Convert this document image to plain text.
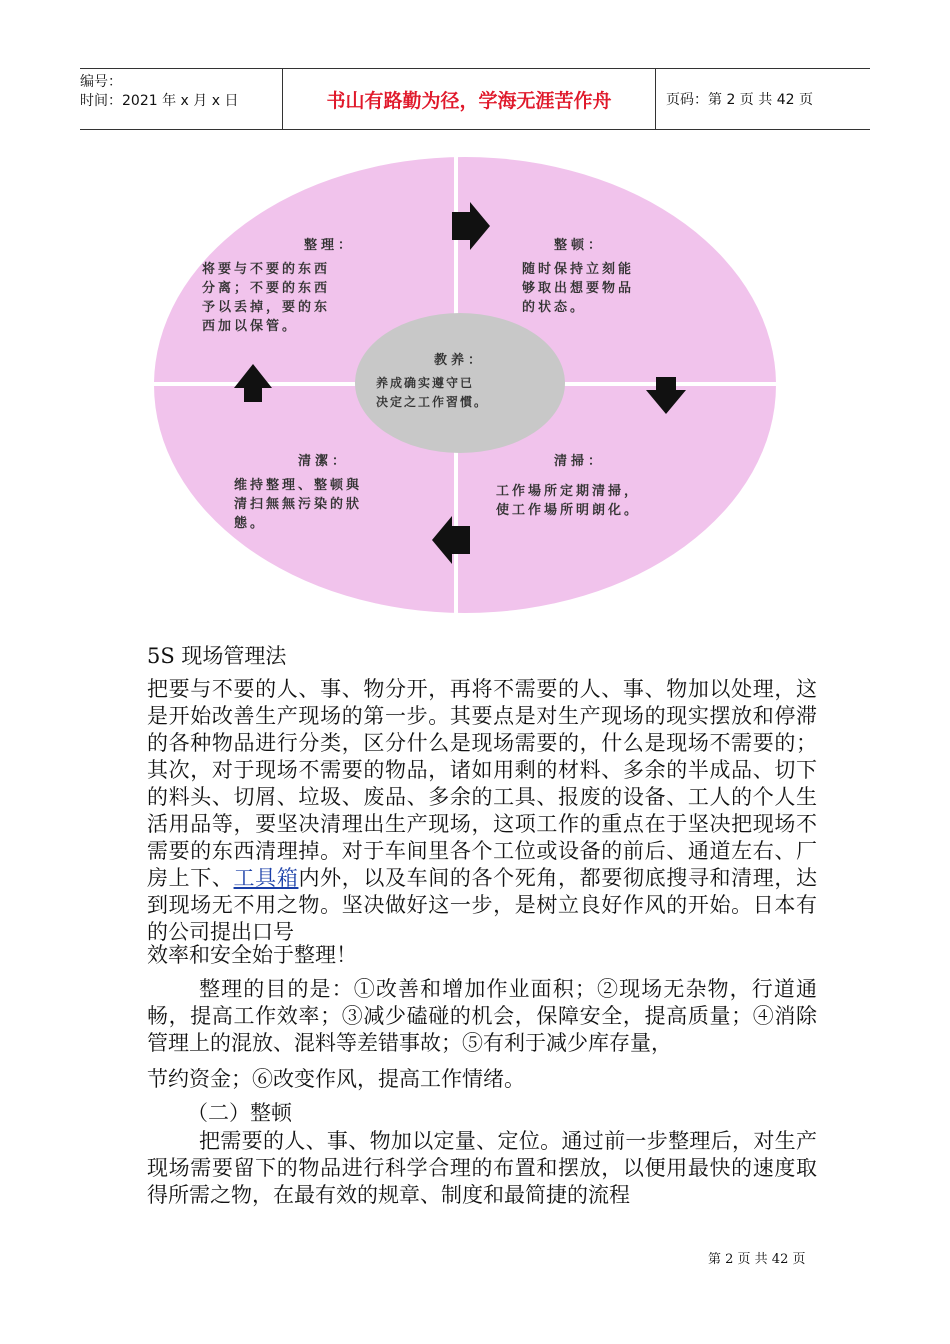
编号：
时间：2021 年 x 月 x 日	书山有路勤为径，学海无涯苦作舟	页码：第 2 页 共 42 页
整理：
将要与不要的东西
分离；不要的东西
予以丢掉，要的东
西加以保管。
整顿：
随时保持立刻能
够取出想要物品
的状态。
教养：
养成确实遵守已
决定之工作習慣。
清潔：
维持整理、整顿與
清扫無無污染的狀
態。
清掃：
工作場所定期清掃，
使工作場所明朗化。
5S 现场管理法
把要与不要的人、事、物分开，再将不需要的人、事、物加以处理，这是开始改善生产现场的第一步。其要点是对生产现场的现实摆放和停滞的各种物品进行分类，区分什么是现场需要的，什么是现场不需要的；其次，对于现场不需要的物品，诸如用剩的材料、多余的半成品、切下的料头、切屑、垃圾、废品、多余的工具、报废的设备、工人的个人生活用品等，要坚决清理出生产现场，这项工作的重点在于坚决把现场不需要的东西清理掉。对于车间里各个工位或设备的前后、通道左右、厂房上下、工具箱内外，以及车间的各个死角，都要彻底搜寻和清理，达到现场无不用之物。坚决做好这一步，是树立良好作风的开始。日本有的公司提出口号
效率和安全始于整理！
整理的目的是：①改善和增加作业面积；②现场无杂物，行道通畅，提高工作效率；③减少磕碰的机会，保障安全，提高质量；④消除管理上的混放、混料等差错事故；⑤有利于减少库存量，
节约资金；⑥改变作风，提高工作情绪。
（二）整顿
把需要的人、事、物加以定量、定位。通过前一步整理后，对生产现场需要留下的物品进行科学合理的布置和摆放，以便用最快的速度取得所需之物，在最有效的规章、制度和最简捷的流程
第 2 页 共 42 页
